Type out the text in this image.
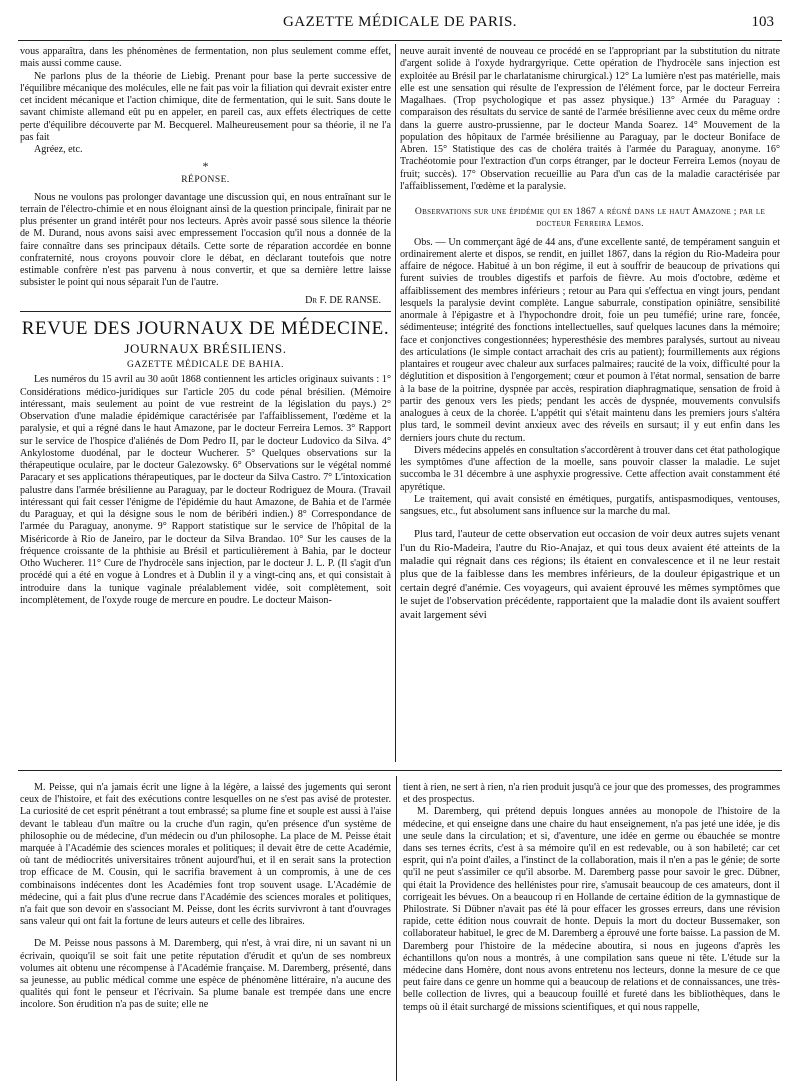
GAZETTE MÉDICALE DE PARIS.	103

vous apparaîtra, dans les phénomènes de fermentation, non plus seulement comme effet, mais aussi comme cause.

Ne parlons plus de la théorie de Liebig. Prenant pour base la perte successive de l'équilibre mécanique des molécules, elle ne fait pas voir la filiation qui devrait exister entre cet incident mécanique et l'action chimique, dite de fermentation, qui le suit. Sans doute le savant chimiste allemand eût pu en appeler, en pareil cas, aux effets électriques de cette perte d'équilibre découverte par M. Becquerel. Malheureusement pour sa théorie, il ne l'a pas fait

Agréez, etc.

*

RÉPONSE.

Nous ne voulons pas prolonger davantage une discussion qui, en nous entraînant sur le terrain de l'électro-chimie et en nous éloignant ainsi de la question principale, finirait par ne plus présenter un grand intérêt pour nos lecteurs. Après avoir passé sous silence la théorie de M. Durand, nous avons saisi avec empressement l'occasion qu'il nous a donnée de la faire connaître dans ses principaux détails. Cette sorte de réparation accordée en bonne confraternité, nous croyons pouvoir clore le débat, en déclarant toutefois que notre estimable confrère n'est pas parvenu à nous convertir, et que sa dernière lettre laisse subsister le point qui nous séparait l'un de l'autre.

Dr F. DE RANSE.

REVUE DES JOURNAUX DE MÉDECINE.

JOURNAUX BRÉSILIENS.

GAZETTE MÉDICALE DE BAHIA.

Les numéros du 15 avril au 30 août 1868 contiennent les articles originaux suivants : 1° Considérations médico-juridiques sur l'article 205 du code pénal brésilien. (Mémoire intéressant, mais seulement au point de vue restreint de la législation du pays.) 2° Observation d'une maladie épidémique caractérisée par l'affaiblissement, l'œdème et la paralysie, et qui a régné dans le haut Amazone, par le docteur Ferreira Lemos. 3° Rapport sur le service de l'hospice d'aliénés de Dom Pedro II, par le docteur Ludovico da Silva. 4° Ankylostome duodénal, par le docteur Wucherer. 5° Quelques observations sur la thérapeutique oculaire, par le docteur Galezowsky. 6° Observations sur le végétal nommé Paracary et ses applications thérapeutiques, par le docteur da Silva Castro. 7° L'intoxication palustre dans l'armée brésilienne au Paraguay, par le docteur Rodriguez de Moura. (Travail intéressant qui fait cesser l'énigme de l'épidémie du haut Amazone, de Bahia et de l'armée du Paraguay, et qui la désigne sous le nom de béribéri indien.) 8° Correspondance de l'armée du Paraguay, anonyme. 9° Rapport statistique sur le service de l'hôpital de la Miséricorde à Rio de Janeiro, par le docteur da Silva Brandao. 10° Sur les causes de la fréquence croissante de la phthisie au Brésil et particulièrement à Bahia, par le docteur Otho Wucherer. 11° Cure de l'hydrocèle sans injection, par le docteur J. L. P. (Il s'agit d'un procédé qui a été en vogue à Londres et à Dublin il y a vingt-cinq ans, et qui consistait à introduire dans la tunique vaginale préalablement vidée, soit complètement, soit incomplètement, de l'oxyde rouge de mercure en poudre. Le docteur Maison-

neuve aurait inventé de nouveau ce procédé en se l'appropriant par la substitution du nitrate d'argent solide à l'oxyde hydrargyrique. Cette opération de l'hydrocèle sans injection est exploitée au Brésil par le charlatanisme chirurgical.) 12° La lumière n'est pas matérielle, mais elle est une sensation qui résulte de l'expression de l'élément force, par le docteur Ferreira Magalhaes. (Trop psychologique et pas assez physique.) 13° Armée du Paraguay : comparaison des résultats du service de santé de l'armée brésilienne avec ceux du même ordre dans la guerre austro-prussienne, par le docteur Manda Soarez. 14° Mouvement de la population des hôpitaux de l'armée brésilienne au Paraguay, par le docteur Boniface de Abren. 15° Statistique des cas de choléra traités à l'armée du Paraguay, anonyme. 16° Trachéotomie pour l'extraction d'un corps étranger, par le docteur Ferreira Lemos (noyau de fruit; succès). 17° Observation recueillie au Para d'un cas de la maladie caractérisée par l'affaiblissement, l'œdème et la paralysie.

Observations sur une épidémie qui en 1867 a régné dans le haut Amazone ; par le docteur Ferreira Lemos.

Obs. — Un commerçant âgé de 44 ans, d'une excellente santé, de tempérament sanguin et ordinairement alerte et dispos, se rendit, en juillet 1867, dans la région du Rio-Madeira pour affaire de négoce. Habitué à un bon régime, il eut à souffrir de beaucoup de privations qui furent suivies de troubles digestifs et parfois de fièvre. Au mois d'octobre, œdème et affaiblissement des membres inférieurs ; retour au Para qui s'effectua en vingt jours, pendant lesquels la paralysie devint complète. Langue saburrale, constipation opiniâtre, sensibilité anormale à l'épigastre et à l'hypochondre droit, foie un peu tuméfié; urine rare, foncée, sédimenteuse; intégrité des fonctions intellectuelles, sauf quelques lacunes dans la mémoire; face et conjonctives congestionnées; hyperesthésie des membres paralysés, surtout au niveau des articulations (le simple contact arrachait des cris au patient); fourmillements aux régions plantaires et rougeur avec chaleur aux surfaces palmaires; raucité de la voix, difficulté pour la déglutition et disposition à l'engorgement; cœur et poumon à l'état normal, sensation de barre à la base de la poitrine, dyspnée par accès, respiration diaphragmatique, sensation de froid à partir des genoux vers les pieds; pendant les accès de dyspnée, mouvements convulsifs analogues à ceux de la chorée. L'appétit qui s'était maintenu dans les premiers jours s'altéra plus tard, le sommeil devint anxieux avec des réveils en sursaut; il y eut enfin dans les derniers jours chute du rectum.

Divers médecins appelés en consultation s'accordèrent à trouver dans cet état pathologique les symptômes d'une affection de la moelle, sans pouvoir classer la maladie. Le sujet succomba le 31 décembre à une asphyxie progressive. Cette affection avait constamment été apyrétique.

Le traitement, qui avait consisté en émétiques, purgatifs, antispasmodiques, ventouses, sangsues, etc., fut absolument sans influence sur la marche du mal.

Plus tard, l'auteur de cette observation eut occasion de voir deux autres sujets venant l'un du Rio-Madeira, l'autre du Rio-Anajaz, et qui tous deux avaient été atteints de la maladie qui régnait dans ces régions; ils étaient en convalescence et il ne leur restait plus que de la faiblesse dans les membres inférieurs, de la douleur épigastrique et un certain degré d'anémie. Ces voyageurs, qui avaient éprouvé les mêmes symptômes que le sujet de l'observation précédente, rapportaient que la maladie dont ils avaient souffert avait largement sévi

M. Peisse, qui n'a jamais écrit une ligne à la légère, a laissé des jugements qui seront ceux de l'histoire, et fait des exécutions contre lesquelles on ne s'est pas avisé de protester. La curiosité de cet esprit pénétrant a tout embrassé; sa plume fine et souple est aussi à l'aise devant le tableau d'un maître ou la cruche d'un ragin, qu'en présence d'un système de philosophie ou de médecine, d'un médecin ou d'un philosophe. La place de M. Peisse était marquée à l'Académie des sciences morales et politiques; il devait être de cette Académie, où tant de médiocrités universitaires trônent aujourd'hui, et il en serait sans la protection trop efficace de M. Cousin, qui le sacrifia bravement à un compromis, à une de ces combinaisons indécentes dont les Académies font trop souvent usage. L'Académie de médecine, qui a fait plus d'une recrue dans l'Académie des sciences morales et politiques, n'a fait que son devoir en s'associant M. Peisse, dont les écrits survivront à tant d'ouvrages sans valeur qui ont fait la fortune de leurs auteurs et celle des libraires.

De M. Peisse nous passons à M. Daremberg, qui n'est, à vrai dire, ni un savant ni un écrivain, quoiqu'il se soit fait une petite réputation d'érudit et qu'un de ses nombreux volumes ait obtenu une récompense à l'Académie française. M. Daremberg, présenté, dans sa jeunesse, au public médical comme une espèce de phénomène littéraire, n'a aucune des qualités qui font le penseur et l'écrivain. Sa plume banale est trempée dans une encre incolore. Son érudition n'a pas de suite; elle ne

tient à rien, ne sert à rien, n'a rien produit jusqu'à ce jour que des promesses, des programmes et des prospectus.

M. Daremberg, qui prétend depuis longues années au monopole de l'histoire de la médecine, et qui enseigne dans une chaire du haut enseignement, n'a pas jeté une idée, je dis une seule dans la circulation; et si, d'aventure, une idée en germe ou ébauchée se montre dans ses ternes écrits, c'est à sa mémoire qu'il en est redevable, ou à son habileté; car cet esprit, qui n'a point d'ailes, a l'instinct de la collaboration, mais il n'en a pas le génie; de sorte qu'il ne peut s'assimiler ce qu'il absorbe. M. Daremberg passe pour savoir le grec. Dübner, qui était la Providence des hellénistes pour rire, s'amusait beaucoup de ces amateurs, dont il corrigeait les bévues. On a beaucoup ri en Hollande de certaine édition de la gymnastique de Philostrate. Si Dübner n'avait pas été là pour effacer les grosses erreurs, dans une révision rapide, cette édition nous couvrait de honte. Depuis la mort du docteur Bussemaker, son collaborateur habituel, le grec de M. Daremberg a éprouvé une forte baisse. La passion de M. Daremberg pour l'histoire de la médecine aboutira, si nous en jugeons d'après les échantillons qu'on nous a montrés, à une compilation sans queue ni tête. L'étude sur la médecine dans Homère, dont nous avons entretenu nos lecteurs, donne la mesure de ce que peut faire dans ce genre un homme qui a beaucoup de relations et de connaissances, une très-belle collection de livres, qui a beaucoup fouillé et fureté dans les bibliothèques, dans le temps où il était surchargé de missions scientifiques, et qui nous rappelle,
